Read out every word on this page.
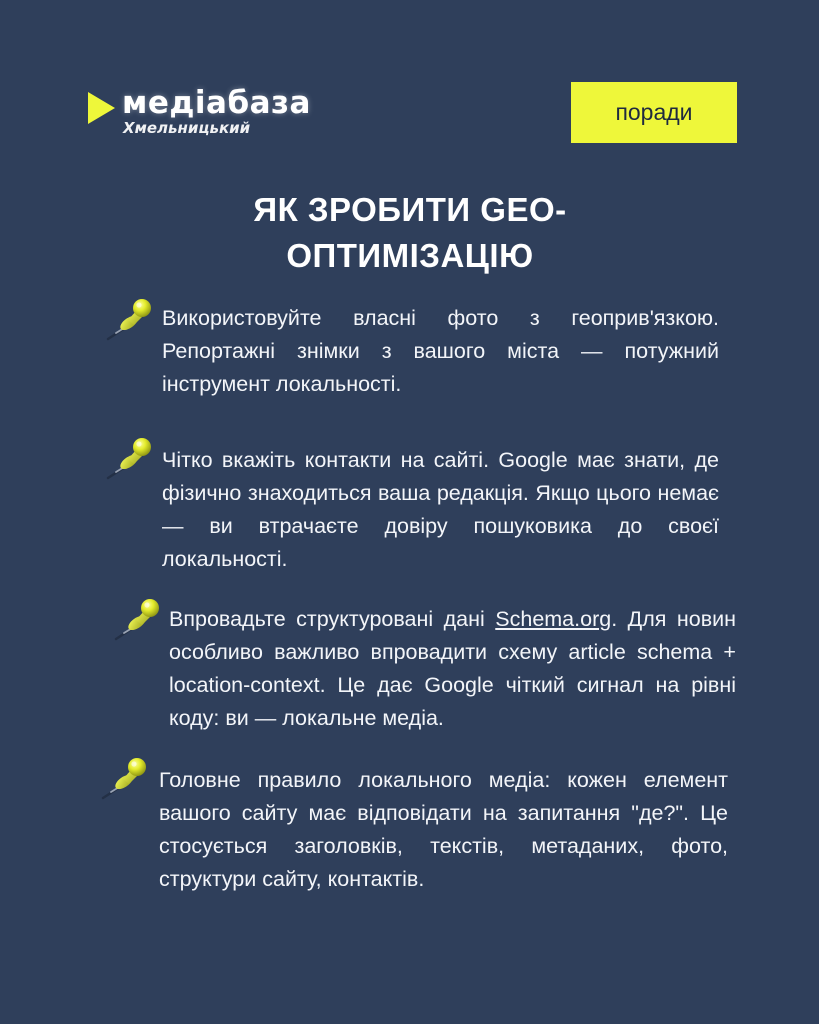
медіабаза
Хмельницький
поради
ЯК ЗРОБИТИ GEO-
ОПТИМІЗАЦІЮ

Використовуйте власні фото з геоприв'язкою. Репортажні знімки з вашого міста — потужний інструмент локальності.

Чітко вкажіть контакти на сайті. Google має знати, де фізично знаходиться ваша редакція. Якщо цього немає — ви втрачаєте довіру пошуковика до своєї локальності.

Впровадьте структуровані дані Schema.org. Для новин особливо важливо впровадити схему article schema + location-context. Це дає Google чіткий сигнал на рівні коду: ви — локальне медіа.

Головне правило локального медіа: кожен елемент вашого сайту має відповідати на запитання "де?". Це стосується заголовків, текстів, метаданих, фото, структури сайту, контактів.
